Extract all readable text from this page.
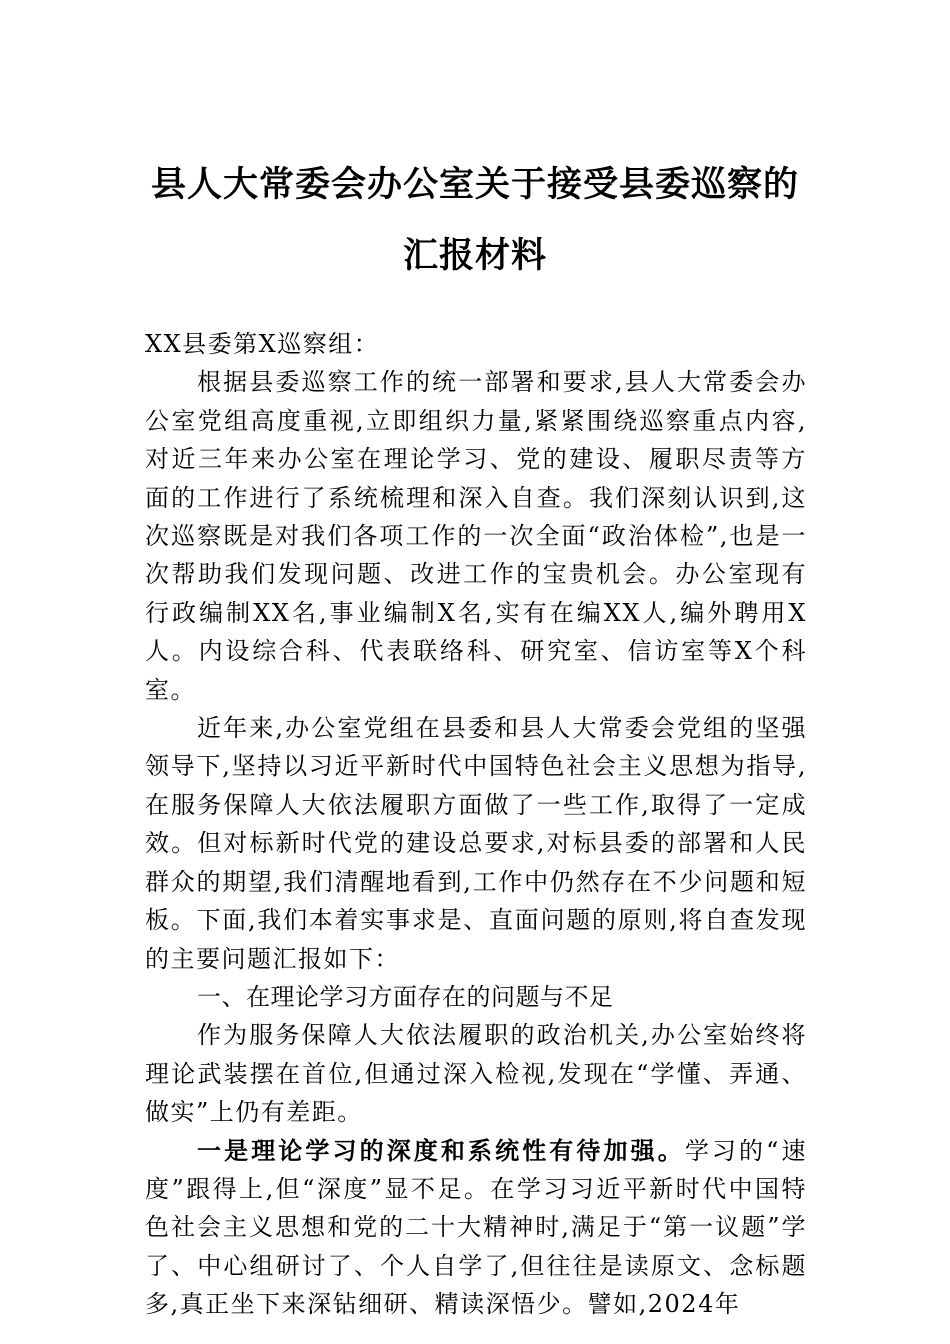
县人大常委会办公室关于接受县委巡察的
汇报材料

XX县委第X巡察组：

根据县委巡察工作的统一部署和要求,县人大常委会办公室党组高度重视,立即组织力量,紧紧围绕巡察重点内容,对近三年来办公室在理论学习、党的建设、履职尽责等方面的工作进行了系统梳理和深入自查。我们深刻认识到,这次巡察既是对我们各项工作的一次全面“政治体检”,也是一次帮助我们发现问题、改进工作的宝贵机会。办公室现有行政编制XX名,事业编制X名,实有在编XX人,编外聘用X人。内设综合科、代表联络科、研究室、信访室等X个科室。

近年来,办公室党组在县委和县人大常委会党组的坚强领导下,坚持以习近平新时代中国特色社会主义思想为指导,在服务保障人大依法履职方面做了一些工作,取得了一定成效。但对标新时代党的建设总要求,对标县委的部署和人民群众的期望,我们清醒地看到,工作中仍然存在不少问题和短板。下面,我们本着实事求是、直面问题的原则,将自查发现的主要问题汇报如下：

一、在理论学习方面存在的问题与不足

作为服务保障人大依法履职的政治机关,办公室始终将理论武装摆在首位,但通过深入检视,发现在“学懂、弄通、做实”上仍有差距。

一是理论学习的深度和系统性有待加强。学习的“速度”跟得上,但“深度”显不足。在学习习近平新时代中国特色社会主义思想和党的二十大精神时,满足于“第一议题”学了、中心组研讨了、个人自学了,但往往是读原文、念标题多,真正坐下来深钻细研、精读深悟少。譬如,2024年
